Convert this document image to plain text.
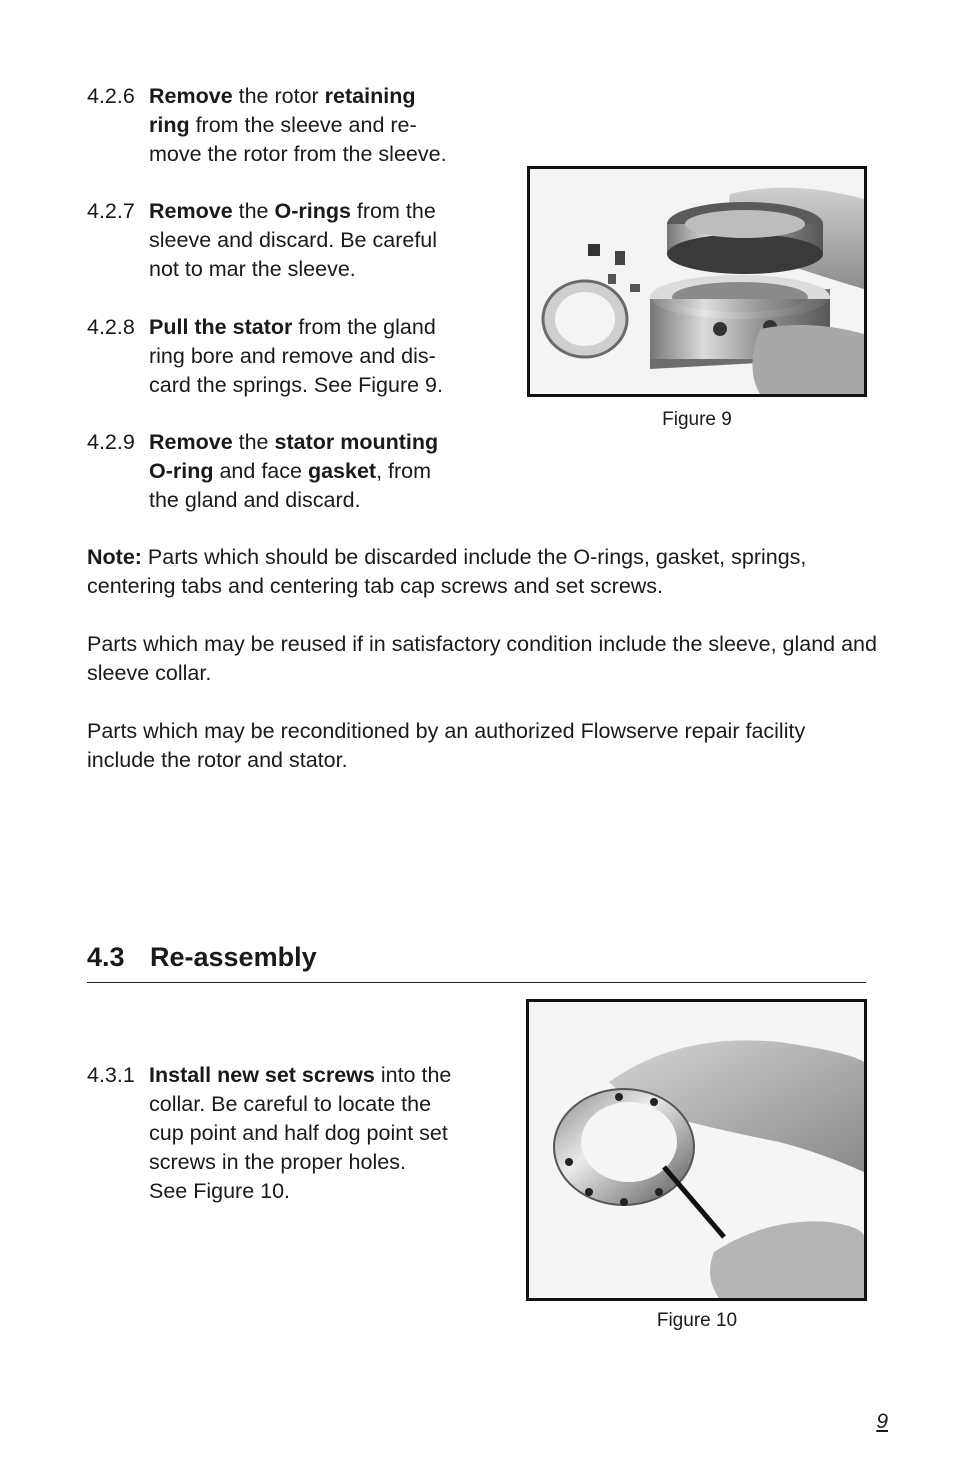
4.2.6 Remove the rotor retaining
ring from the sleeve and re-
move the rotor from the sleeve.
4.2.7 Remove the O-rings from the
sleeve and discard. Be careful
not to mar the sleeve.
4.2.8 Pull the stator from the gland
ring bore and remove and dis-
card the springs. See Figure 9.
4.2.9 Remove the stator mounting
O-ring and face gasket, from
the gland and discard.
Figure 9
Note: Parts which should be discarded include the O-rings, gasket, springs, centering tabs and centering tab cap screws and set screws.
Parts which may be reused if in satisfactory condition include the sleeve, gland and sleeve collar.
Parts which may be reconditioned by an authorized Flowserve repair facility include the rotor and stator.
4.3 Re-assembly
4.3.1 Install new set screws into the
collar. Be careful to locate the
cup point and half dog point set
screws in the proper holes.
See Figure 10.
Figure 10
9
